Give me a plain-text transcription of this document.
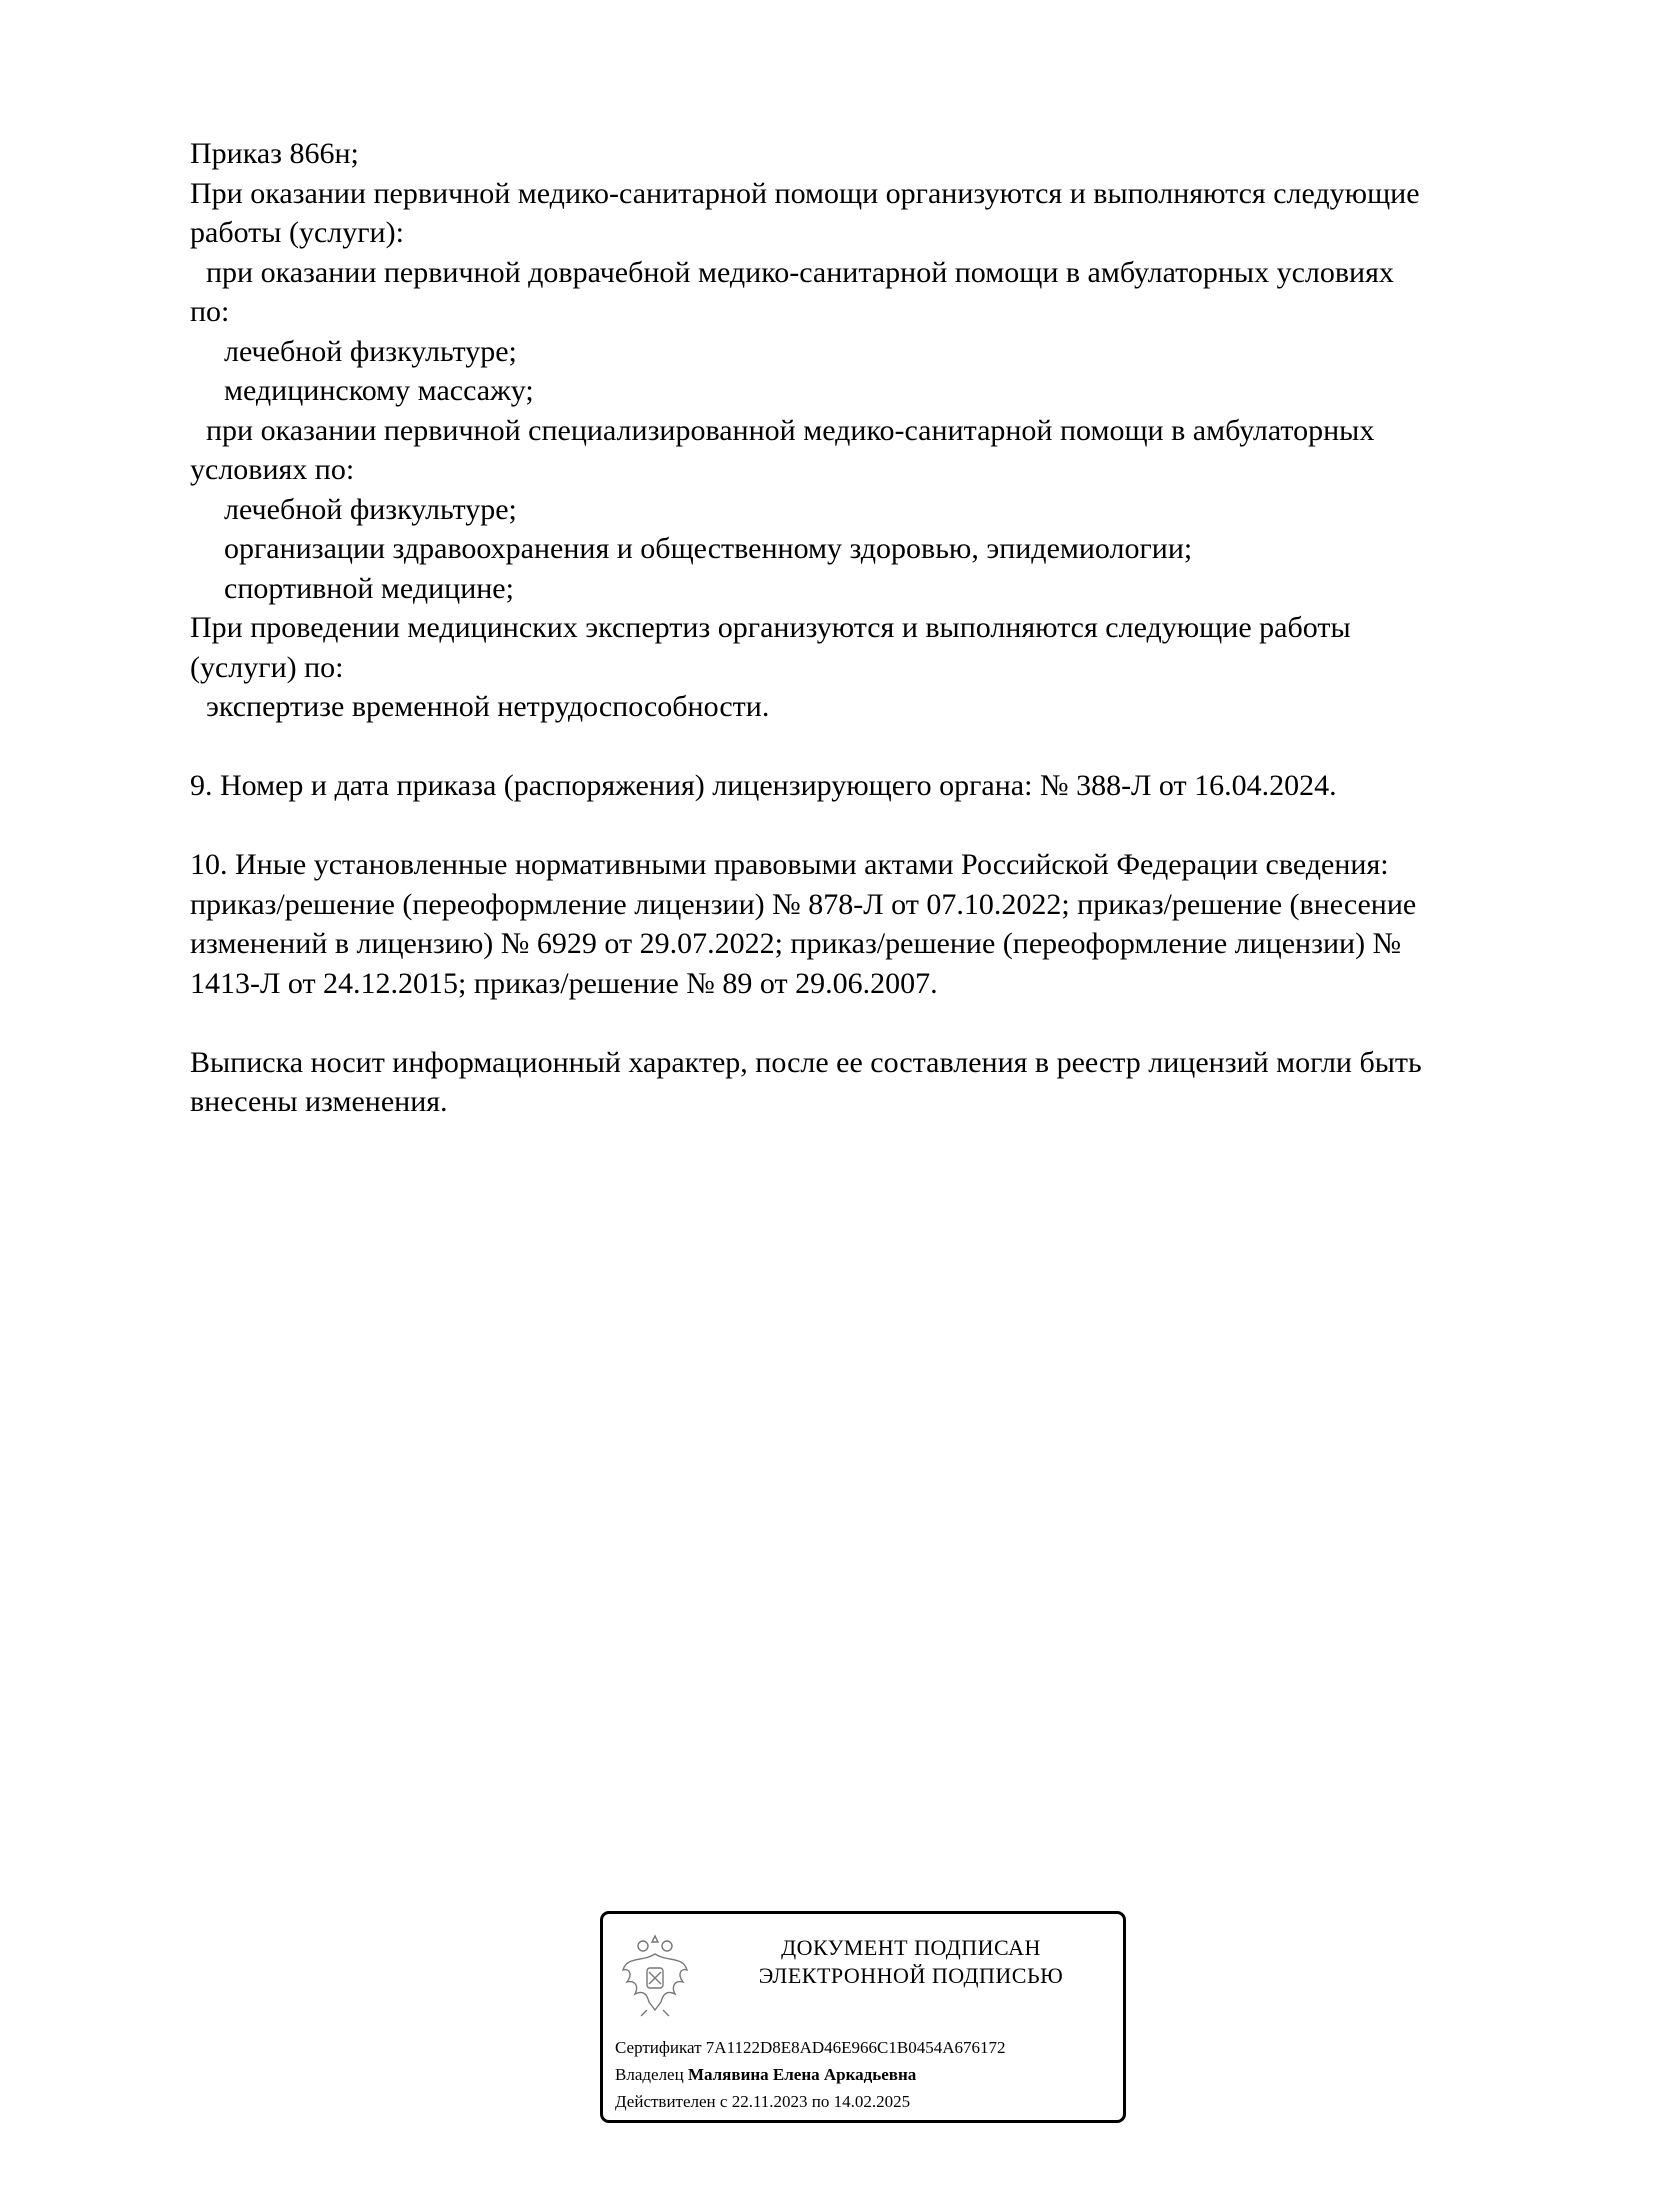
Приказ 866н;
При оказании первичной медико-санитарной помощи организуются и выполняются следующие
работы (услуги):
при оказании первичной доврачебной медико-санитарной помощи в амбулаторных условиях
по:
лечебной физкультуре;
медицинскому массажу;
при оказании первичной специализированной медико-санитарной помощи в амбулаторных
условиях по:
лечебной физкультуре;
организации здравоохранения и общественному здоровью, эпидемиологии;
спортивной медицине;
При проведении медицинских экспертиз организуются и выполняются следующие работы
(услуги) по:
экспертизе временной нетрудоспособности.
9. Номер и дата приказа (распоряжения) лицензирующего органа: № 388-Л от 16.04.2024.
10. Иные установленные нормативными правовыми актами Российской Федерации сведения:
приказ/решение (переоформление лицензии) № 878-Л от 07.10.2022; приказ/решение (внесение
изменений в лицензию) № 6929 от 29.07.2022; приказ/решение (переоформление лицензии) №
1413-Л от 24.12.2015; приказ/решение № 89 от 29.06.2007.
Выписка носит информационный характер, после ее составления в реестр лицензий могли быть
внесены изменения.
ДОКУМЕНТ ПОДПИСАН
ЭЛЕКТРОННОЙ ПОДПИСЬЮ
Сертификат 7A1122D8E8AD46E966C1B0454A676172
Владелец Малявина Елена Аркадьевна
Действителен с 22.11.2023 по 14.02.2025
